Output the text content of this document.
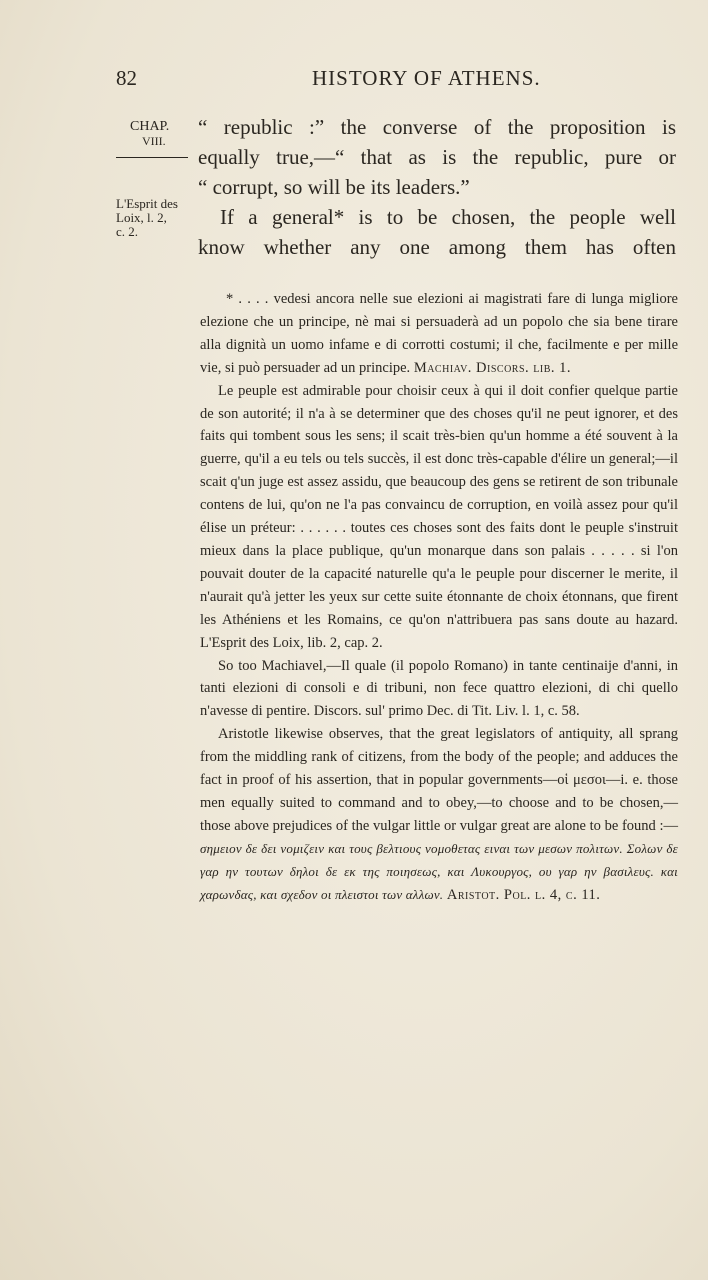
82	HISTORY OF ATHENS.
CHAP.
VIII.
L'Esprit des
Loix, l. 2,
c. 2.
“ republic :” the converse of the proposition is
equally true,—“ that as is the republic, pure or
“ corrupt, so will be its leaders.”
If a general* is to be chosen, the people well
know whether any one among them has often

* . . . . vedesi ancora nelle sue elezioni ai magistrati fare di lunga migliore elezione che un principe, nè mai si persuaderà ad un popolo che sia bene tirare alla dignità un uomo infame e di corrotti costumi; il che, facilmente e per mille vie, si può persuader ad un principe. Machiav. Discors. lib. 1.

Le peuple est admirable pour choisir ceux à qui il doit confier quelque partie de son autorité; il n'a à se determiner que des choses qu'il ne peut ignorer, et des faits qui tombent sous les sens; il scait très-bien qu'un homme a été souvent à la guerre, qu'il a eu tels ou tels succès, il est donc très-capable d'élire un general;—il scait q'un juge est assez assidu, que beaucoup des gens se retirent de son tribunale contens de lui, qu'on ne l'a pas convaincu de corruption, en voilà assez pour qu'il élise un préteur: . . . . . . toutes ces choses sont des faits dont le peuple s'instruit mieux dans la place publique, qu'un monarque dans son palais . . . . . si l'on pouvait douter de la capacité naturelle qu'a le peuple pour discerner le merite, il n'aurait qu'à jetter les yeux sur cette suite étonnante de choix étonnans, que firent les Athéniens et les Romains, ce qu'on n'attribuera pas sans doute au hazard. L'Esprit des Loix, lib. 2, cap. 2.

So too Machiavel,—Il quale (il popolo Romano) in tante centinaije d'anni, in tanti elezioni di consoli e di tribuni, non fece quattro elezioni, di chi quello n'avesse di pentire. Discors. sul' primo Dec. di Tit. Liv. l. 1, c. 58.

Aristotle likewise observes, that the great legislators of antiquity, all sprang from the middling rank of citizens, from the body of the people; and adduces the fact in proof of his assertion, that in popular governments—οἱ μεσοι—i. e. those men equally suited to command and to obey,—to choose and to be chosen,—those above prejudices of the vulgar little or vulgar great are alone to be found :—σημειον δε δει νομιζειν και τους βελτιους νομοθετας ειναι των μεσων πολιτων. Σολων δε γαρ ην τουτων δηλοι δε εκ της ποιησεως, και Λυκουργος, ου γαρ ην βασιλευς. και χαρωνδας, και σχεδον οι πλειστοι των αλλων. Aristot. Pol. l. 4, c. 11.
